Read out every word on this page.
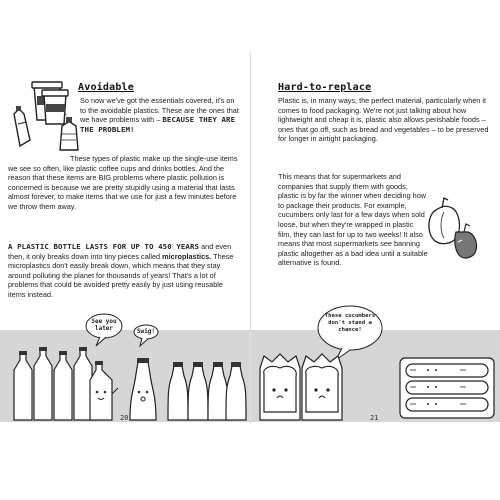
»
Avoidable
So now we've got the essentials covered, it's on to the avoidable plastics. These are the ones that we have problems with – BECAUSE THEY ARE THE PROBLEM!
These types of plastic make up the single-use items we see so often, like plastic coffee cups and drinks bottles. And the reason that these items are BIG problems where plastic pollution is concerned is because we are pretty stupidly using a material that lasts almost forever, to make items that we use for just a few minutes before we throw them away.
A PLASTIC BOTTLE LASTS FOR UP TO 450 YEARS and even then, it only breaks down into tiny pieces called microplastics. These microplastics don't easily break down, which means that they stay around polluting the planet for thousands of years! That's a lot of problems that could be avoided pretty easily by just using reusable items instead.
See you later	Swig!
20
Hard-to-replace
Plastic is, in many ways, the perfect material, particularly when it comes to food packaging. We're not just talking about how lightweight and cheap it is, plastic also allows perishable foods – ones that go off, such as bread and vegetables – to be preserved for longer in airtight packaging.
This means that for supermarkets and companies that supply them with goods, plastic is by far the winner when deciding how to package their products. For example, cucumbers only last for a few days when sold loose, but when they're wrapped in plastic film, they can last for up to two weeks! It also means that most supermarkets see banning plastic altogether as a bad idea until a suitable alternative is found.
These cucumbers don't stand a chance!
21
